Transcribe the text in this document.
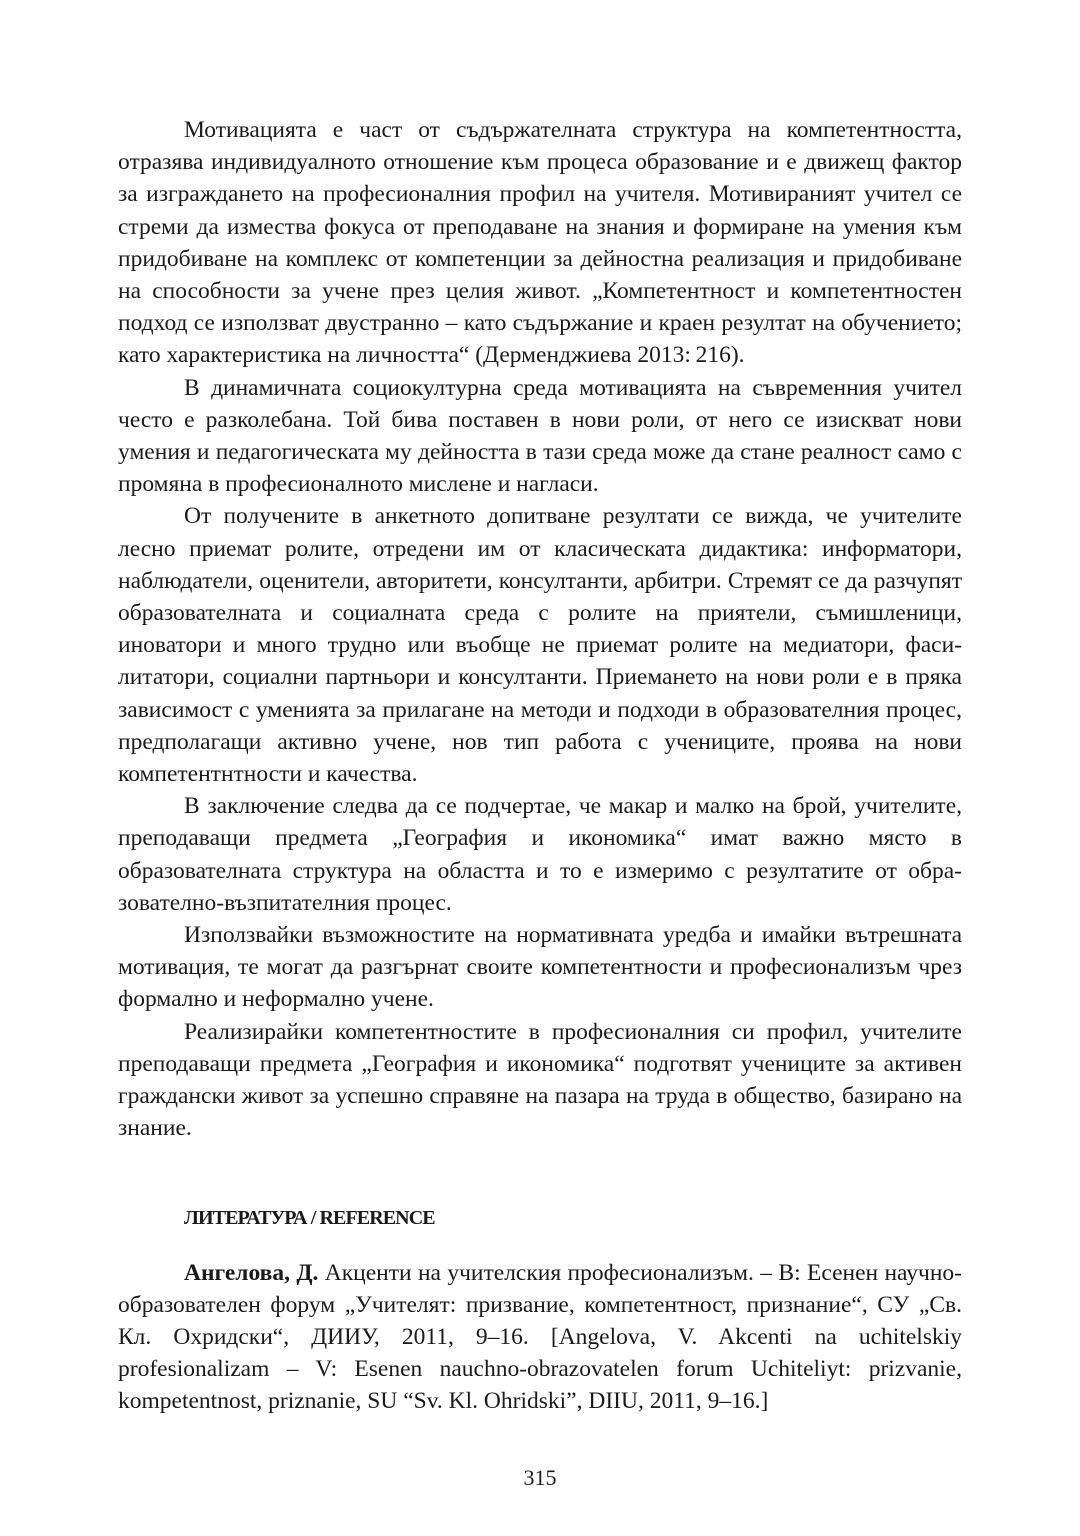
Мотивацията е част от съдържателната структура на компетентността, отразява индивидуалното отношение към процеса образование и е движещ фактор за изграждането на професионалния профил на учителя. Мотивираният учител се стреми да измества фокуса от преподаване на знания и формиране на умения към придобиване на комплекс от компетенции за дейностна реализация и придобиване на способности за учене през целия живот. „Компетентност и компетентностен подход се използват двустранно – като съдържание и краен резултат на обучението; като характеристика на личността“ (Дерменджиева 2013: 216).

В динамичната социокултурна среда мотивацията на съвременния учител често е разколебана. Той бива поставен в нови роли, от него се изискват нови умения и педагогическата му дейността в тази среда може да стане реалност само с промяна в професионалното мислене и нагласи.

От получените в анкетното допитване резултати се вижда, че учителите лесно приемат ролите, отредени им от класическата дидактика: информатори, наблюдатели, оценители, авторитети, консултанти, арбитри. Стремят се да разчупят образователната и социалната среда с ролите на приятели, съмишленици, иноватори и много трудно или въобще не приемат ролите на медиатори, фасилитатори, социални партньори и консултанти. Приемането на нови роли е в пряка зависимост с уменията за прилагане на методи и подходи в образователния процес, предполагащи активно учене, нов тип работа с учениците, проява на нови компетентнтности и качества.

В заключение следва да се подчертае, че макар и малко на брой, учителите, преподаващи предмета „География и икономика“ имат важно място в образователната структура на областта и то е измеримо с резултатите от образователно-възпитателния процес.

Използвайки възможностите на нормативната уредба и имайки вътрешната мотивация, те могат да разгърнат своите компетентности и професионализъм чрез формално и неформално учене.

Реализирайки компетентностите в професионалния си профил, учителите преподаващи предмета „География и икономика“ подготвят учениците за активен граждански живот за успешно справяне на пазара на труда в общество, базирано на знание.

ЛИТЕРАТУРА / REFERENCE

Ангелова, Д. Акценти на учителския професионализъм. – В: Есенен научно-образователен форум „Учителят: призвание, компетентност, признание“, СУ „Св. Кл. Охридски“, ДИИУ, 2011, 9–16. [Angelova, V. Akcenti na uchitelskiy profesionalizam – V: Esenen nauchno-obrazovatelen forum Uchiteliyt: prizvanie, kompetentnost, priznanie, SU “Sv. Kl. Ohridski”, DIIU, 2011, 9–16.]

315
